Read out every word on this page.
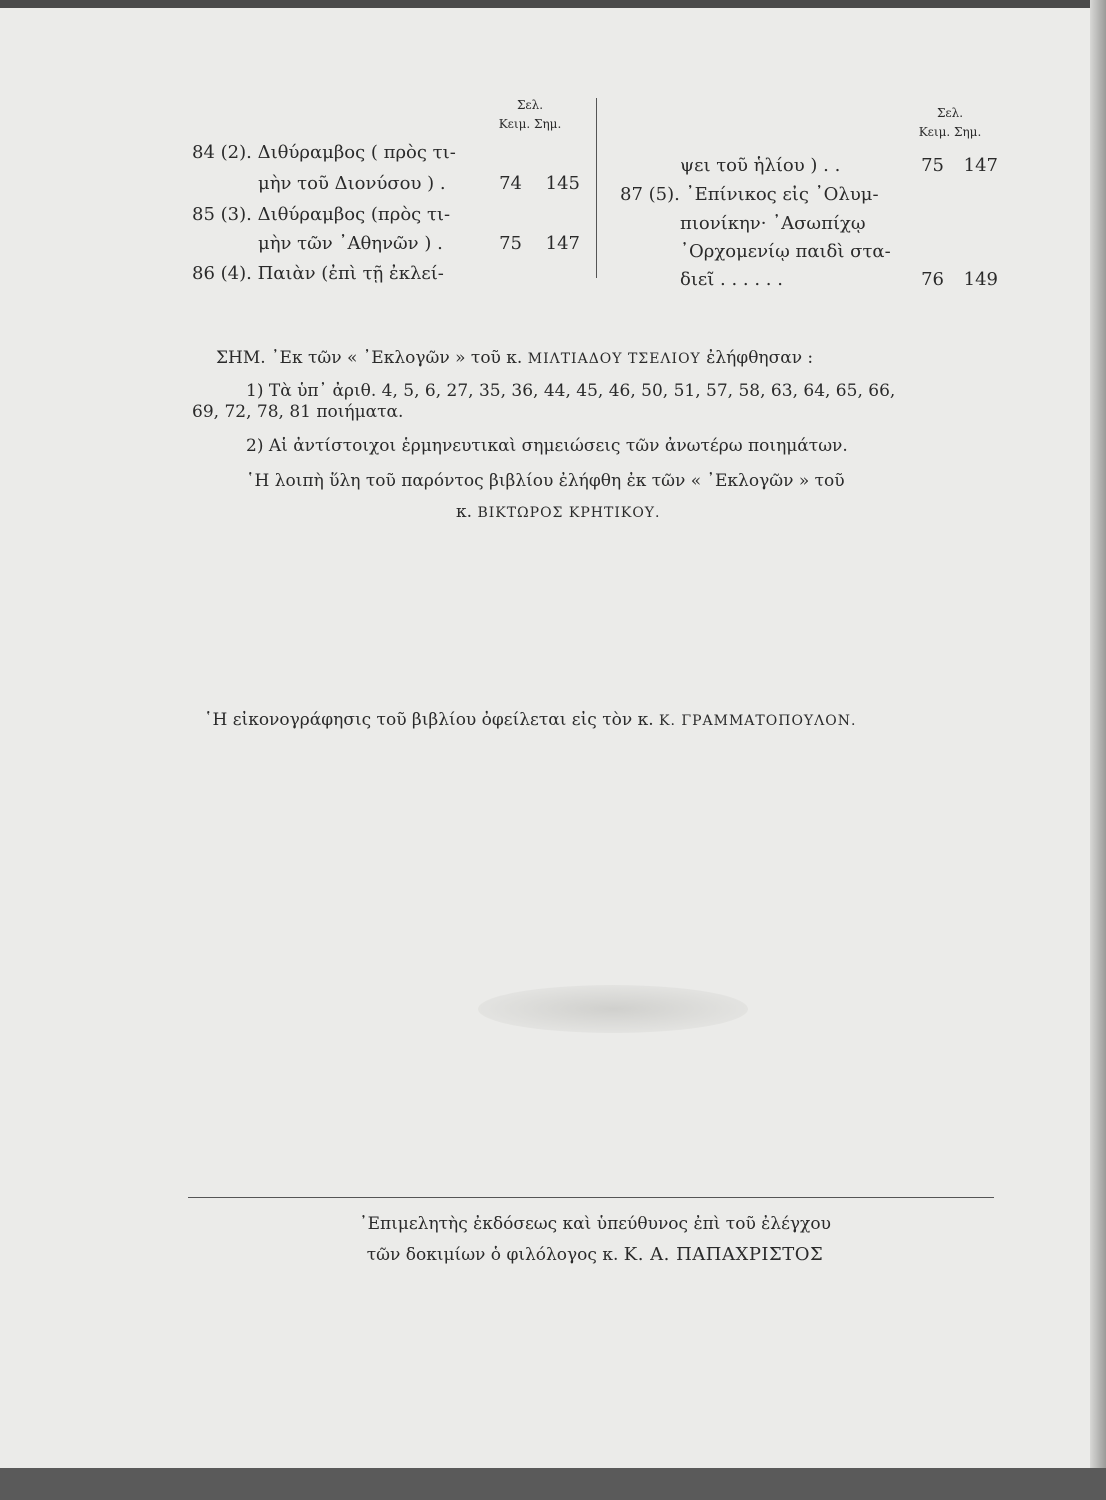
Σελ.
Κειμ. Σημ.
84 (2). Διθύραμβος ( πρὸς τι-
μὴν τοῦ Διονύσου ) .	74	145
85 (3). Διθύραμβος (πρὸς τι-
μὴν τῶν ᾿Αθηνῶν ) .	75	147
86 (4). Παιὰν (ἐπὶ τῇ ἐκλεί-
Σελ.
Κειμ. Σημ.
ψει τοῦ ἡλίου ) . .	75	147
87 (5). ᾿Επίνικος εἰς ᾿Ολυμ-
πιονίκην· ᾿Ασωπίχῳ
᾿Ορχομενίῳ παιδὶ στα-
διεῖ . . . . . .	76	149
ΣΗΜ. ᾿Εκ τῶν « ᾿Εκλογῶν » τοῦ κ. ΜΙΛΤΙΑΔΟΥ ΤΣΕΛΙΟΥ ἐλήφθησαν :
1) Τὰ ὑπ᾿ ἀριθ. 4, 5, 6, 27, 35, 36, 44, 45, 46, 50, 51, 57, 58, 63, 64, 65, 66,
69, 72, 78, 81 ποιήματα.
2) Αἱ ἀντίστοιχοι ἑρμηνευτικαὶ σημειώσεις τῶν ἀνωτέρω ποιημάτων.
῾Η λοιπὴ ὕλη τοῦ παρόντος βιβλίου ἐλήφθη ἐκ τῶν « ᾿Εκλογῶν » τοῦ
κ. ΒΙΚΤΩΡΟΣ ΚΡΗΤΙΚΟΥ.
῾Η εἰκονογράφησις τοῦ βιβλίου ὀφείλεται εἰς τὸν κ. Κ. ΓΡΑΜΜΑΤΟΠΟΥΛΟΝ.
᾿Επιμελητὴς ἐκδόσεως καὶ ὑπεύθυνος ἐπὶ τοῦ ἐλέγχου
τῶν δοκιμίων ὁ φιλόλογος κ. Κ. Α. ΠΑΠΑΧΡΙΣΤΟΣ
